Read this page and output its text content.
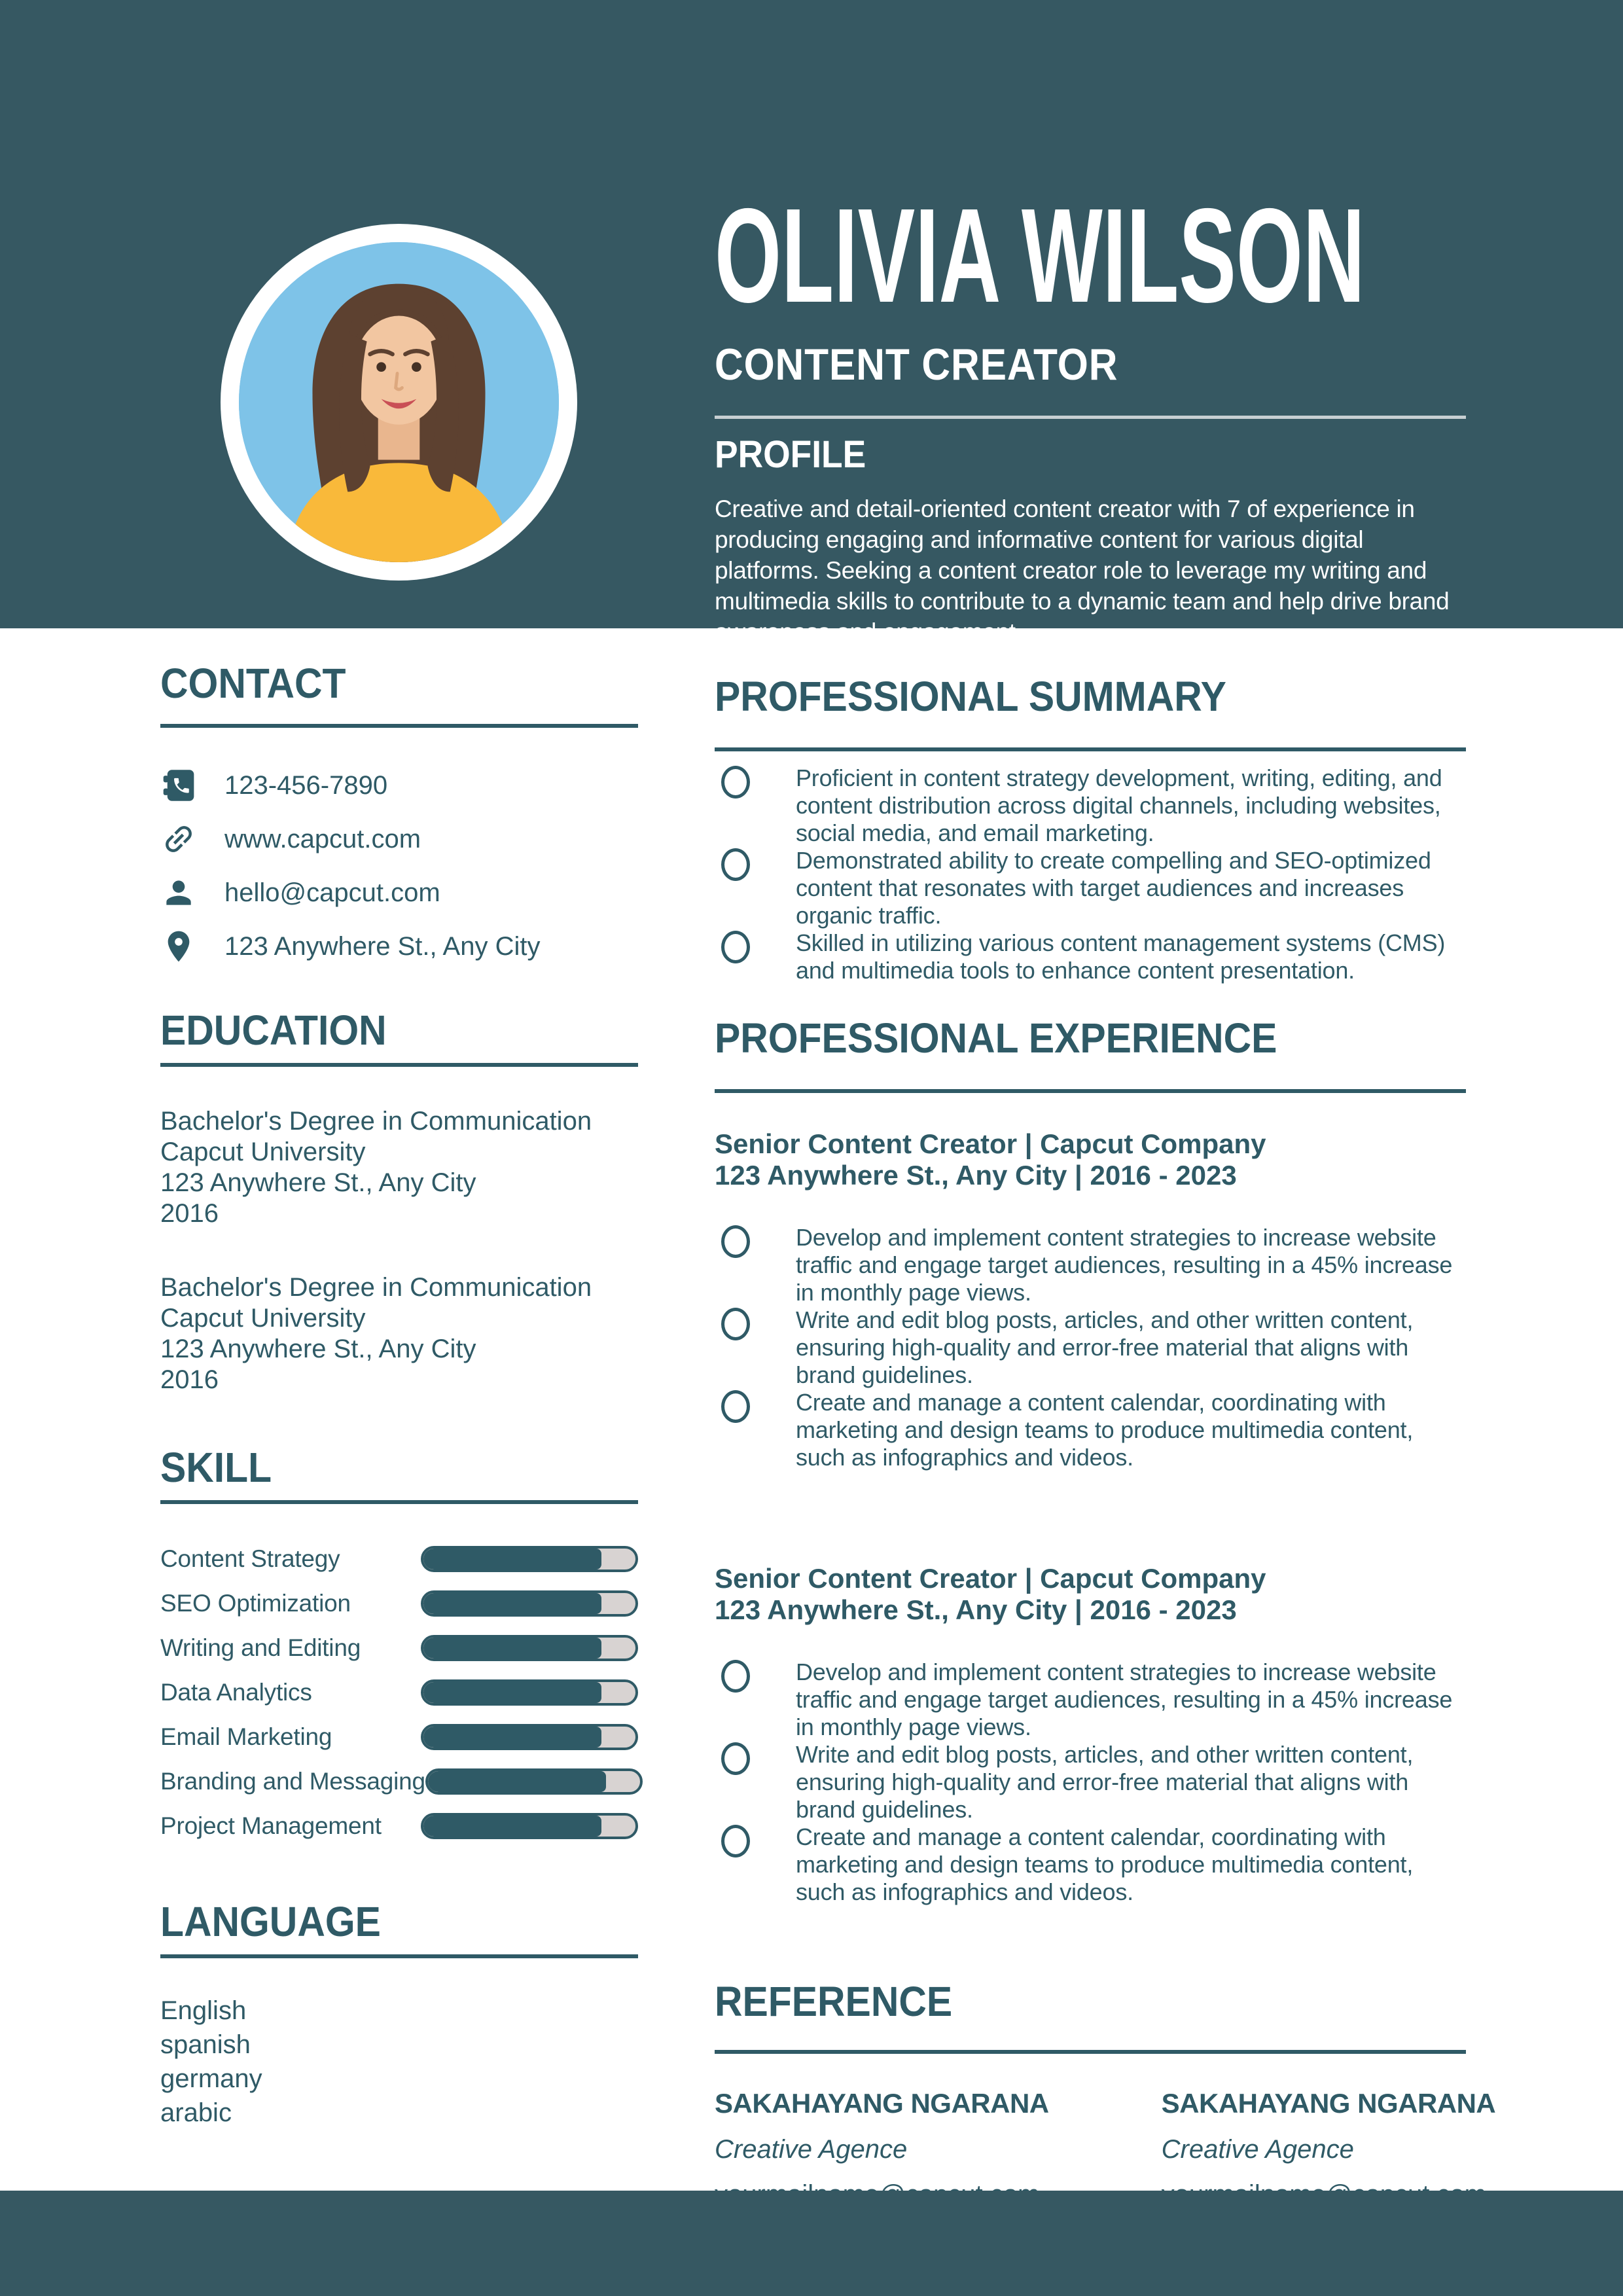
OLIVIA WILSON
CONTENT CREATOR
PROFILE
Creative and detail-oriented content creator with 7 of experience in producing engaging and informative content for various digital platforms. Seeking a content creator role to leverage my writing and multimedia skills to contribute to a dynamic team and help drive brand awareness and engagement.
CONTACT
123-456-7890
www.capcut.com
hello@capcut.com
123 Anywhere St., Any City
EDUCATION
Bachelor's Degree in Communication
Capcut University
123 Anywhere St., Any City
2016
Bachelor's Degree in Communication
Capcut University
123 Anywhere St., Any City
2016
SKILL
Content Strategy
SEO Optimization
Writing and Editing
Data Analytics
Email Marketing
Branding and Messaging
Project Management
LANGUAGE
English
spanish
germany
arabic
PROFESSIONAL SUMMARY
Proficient in content strategy development, writing, editing, and content distribution across digital channels, including websites, social media, and email marketing.
Demonstrated ability to create compelling and SEO-optimized content that resonates with target audiences and increases organic traffic.
Skilled in utilizing various content management systems (CMS) and multimedia tools to enhance content presentation.
PROFESSIONAL EXPERIENCE
Senior Content Creator | Capcut Company
123 Anywhere St., Any City | 2016 - 2023
Develop and implement content strategies to increase website traffic and engage target audiences, resulting in a 45% increase in monthly page views.
Write and edit blog posts, articles, and other written content, ensuring high-quality and error-free material that aligns with brand guidelines.
Create and manage a content calendar, coordinating with marketing and design teams to produce multimedia content, such as infographics and videos.
Senior Content Creator | Capcut Company
123 Anywhere St., Any City | 2016 - 2023
Develop and implement content strategies to increase website traffic and engage target audiences, resulting in a 45% increase in monthly page views.
Write and edit blog posts, articles, and other written content, ensuring high-quality and error-free material that aligns with brand guidelines.
Create and manage a content calendar, coordinating with marketing and design teams to produce multimedia content, such as infographics and videos.
REFERENCE
SAKAHAYANG NGARANA
Creative Agence
SAKAHAYANG NGARANA
Creative Agence
